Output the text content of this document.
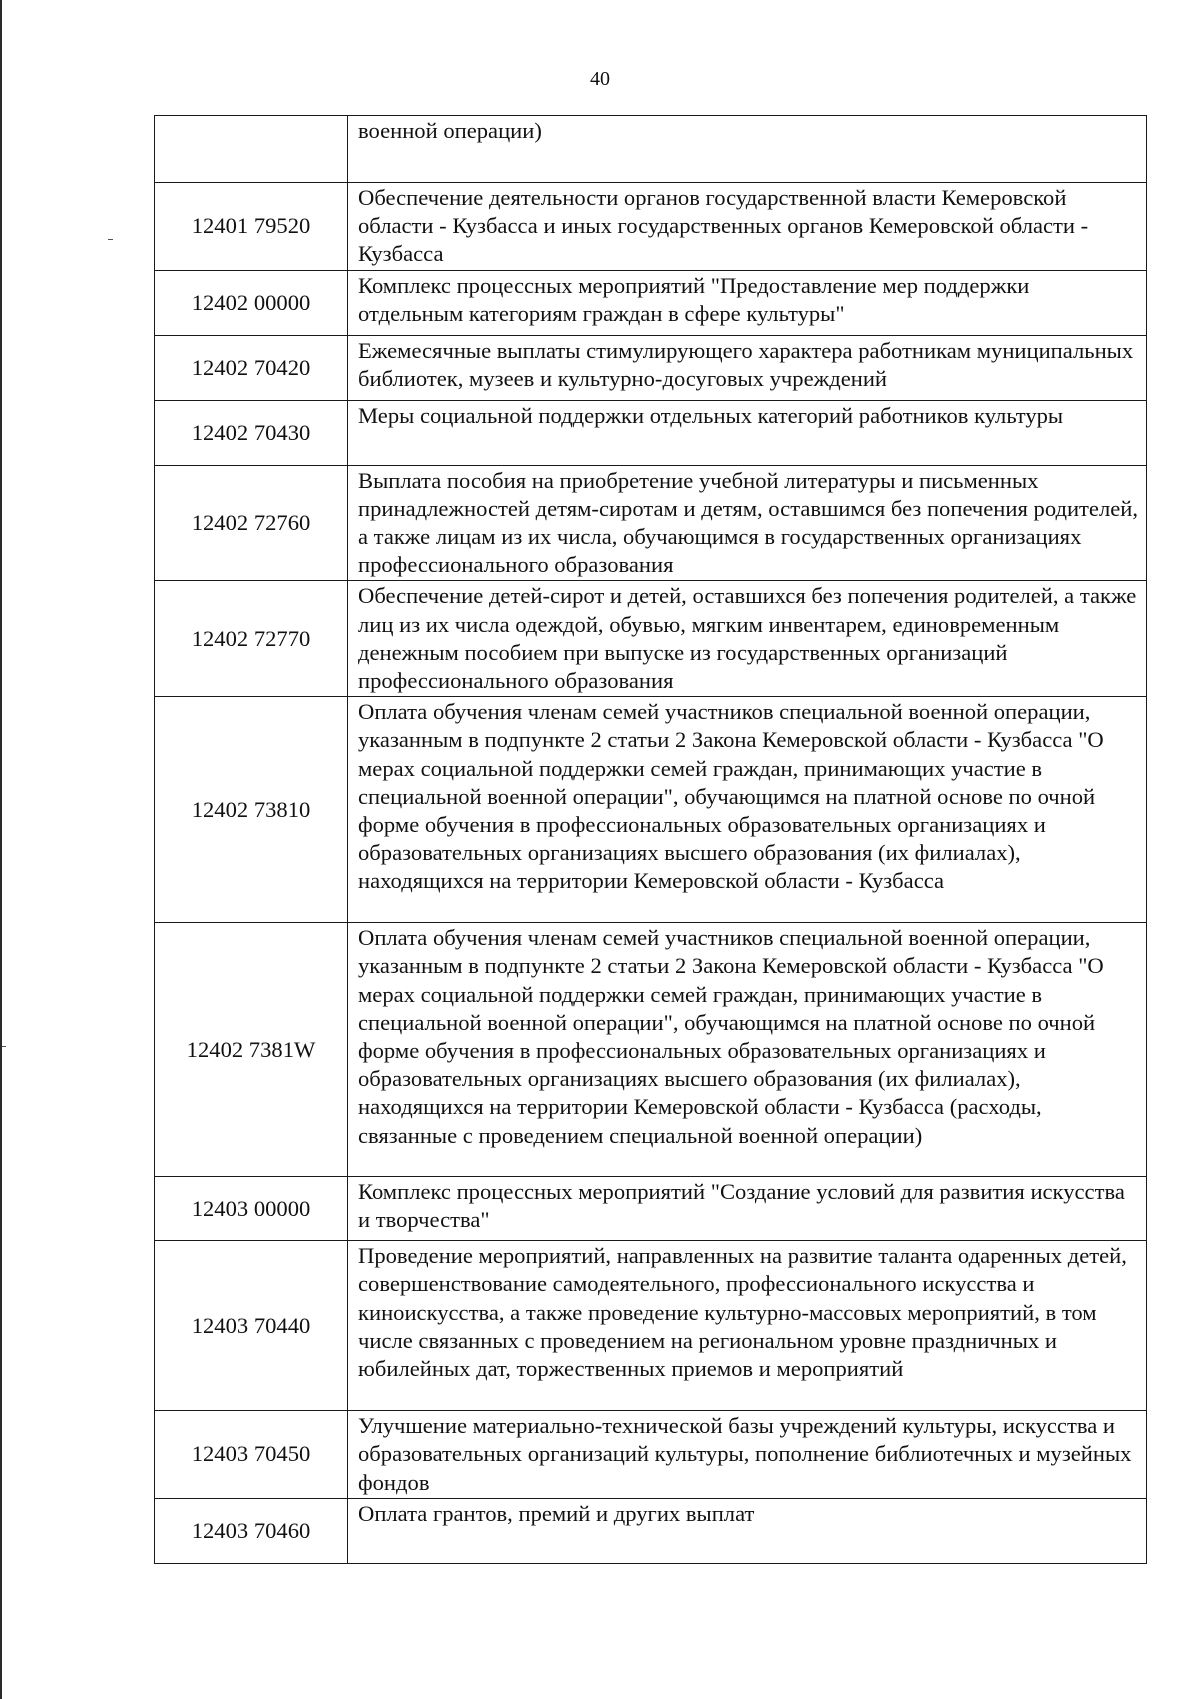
40
	военной операции)
12401 79520	Обеспечение деятельности органов государственной власти Кемеровской области - Кузбасса и иных государственных органов Кемеровской области - Кузбасса
12402 00000	Комплекс процессных мероприятий "Предоставление мер поддержки отдельным категориям граждан в сфере культуры"
12402 70420	Ежемесячные выплаты стимулирующего характера работникам муниципальных библиотек, музеев и культурно-досуговых учреждений
12402 70430	Меры социальной поддержки отдельных категорий работников культуры
12402 72760	Выплата пособия на приобретение учебной литературы и письменных принадлежностей детям-сиротам и детям, оставшимся без попечения родителей, а также лицам из их числа, обучающимся в государственных организациях профессионального образования
12402 72770	Обеспечение детей-сирот и детей, оставшихся без попечения родителей, а также лиц из их числа одеждой, обувью, мягким инвентарем, единовременным денежным пособием при выпуске из государственных организаций профессионального образования
12402 73810	Оплата обучения членам семей участников специальной военной операции, указанным в подпункте 2 статьи 2 Закона Кемеровской области - Кузбасса "О мерах социальной поддержки семей граждан, принимающих участие в специальной военной операции", обучающимся на платной основе по очной форме обучения в профессиональных образовательных организациях и образовательных организациях высшего образования (их филиалах), находящихся на территории Кемеровской области - Кузбасса
12402 7381W	Оплата обучения членам семей участников специальной военной операции, указанным в подпункте 2 статьи 2 Закона Кемеровской области - Кузбасса "О мерах социальной поддержки семей граждан, принимающих участие в специальной военной операции", обучающимся на платной основе по очной форме обучения в профессиональных образовательных организациях и образовательных организациях высшего образования (их филиалах), находящихся на территории Кемеровской области - Кузбасса (расходы, связанные с проведением специальной военной операции)
12403 00000	Комплекс процессных мероприятий "Создание условий для развития искусства и творчества"
12403 70440	Проведение мероприятий, направленных на развитие таланта одаренных детей, совершенствование самодеятельного, профессионального искусства и киноискусства, а также проведение культурно-массовых мероприятий, в том числе связанных с проведением на региональном уровне праздничных и юбилейных дат, торжественных приемов и мероприятий
12403 70450	Улучшение материально-технической базы учреждений культуры, искусства и образовательных организаций культуры, пополнение библиотечных и музейных фондов
12403 70460	Оплата грантов, премий и других выплат
